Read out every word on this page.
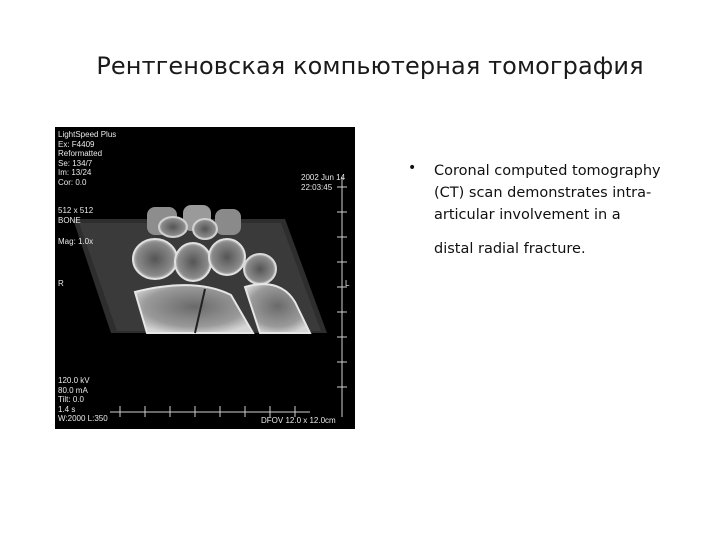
Рентгеновская компьютерная томография
LightSpeed Plus
Ex: F4409
Reformatted
Se: 134/7
Im: 13/24
Cor: 0.0
512 x 512
BONE
Mag: 1.0x
R	L
2002 Jun 14
22:03:45
120.0 kV
80.0 mA
Tilt: 0.0
1.4 s
W:2000 L:350	DFOV 12.0 x 12.0cm
• Coronal computed tomography
(CT) scan demonstrates intra-
articular involvement in a
distal radial fracture.
